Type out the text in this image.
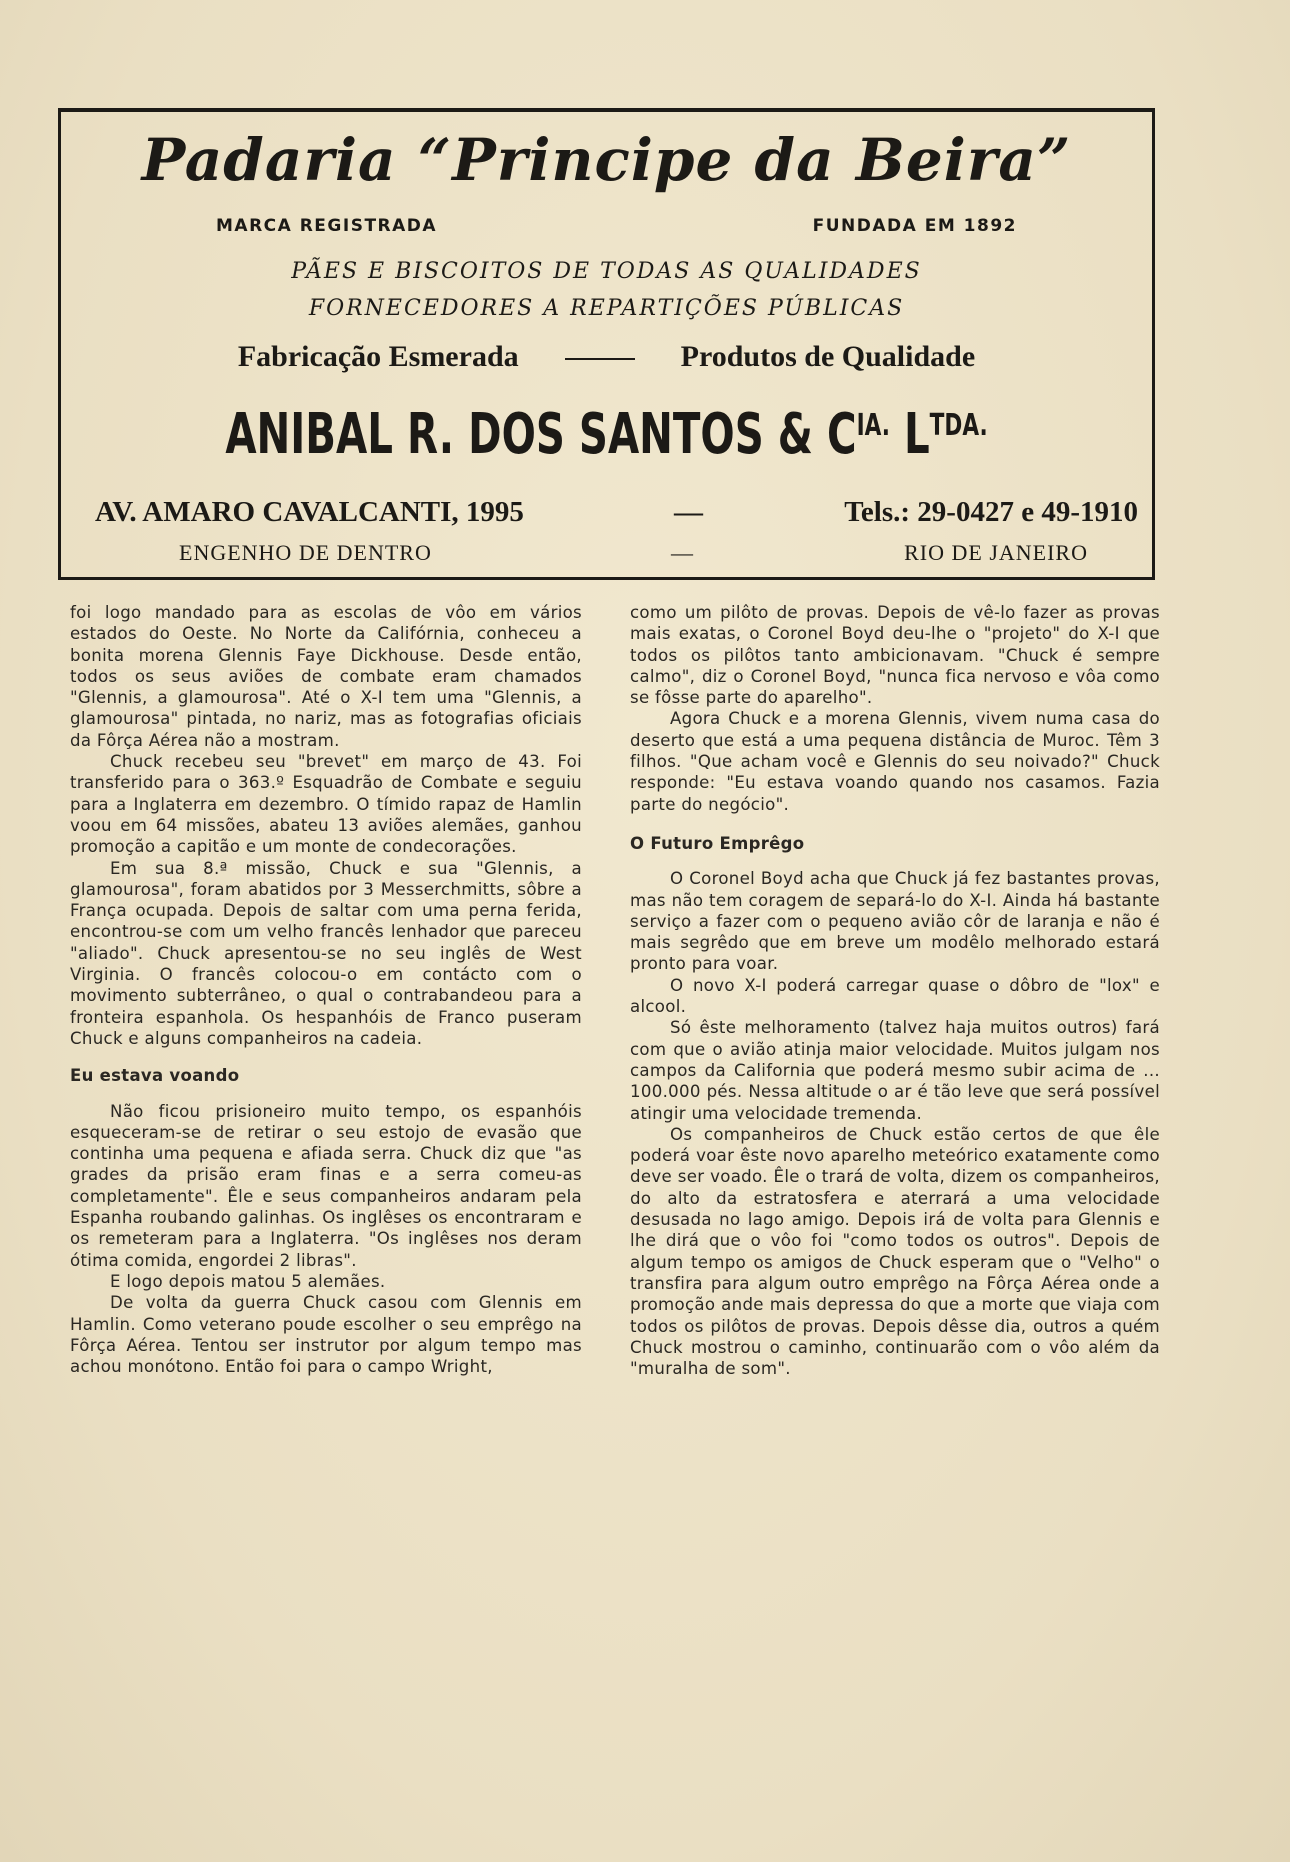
Padaria “Principe da Beira”
MARCA REGISTRADA	FUNDADA EM 1892
PÃES E BISCOITOS DE TODAS AS QUALIDADES
FORNECEDORES A REPARTIÇÕES PÚBLICAS
Fabricação Esmerada	Produtos de Qualidade
ANIBAL R. DOS SANTOS & $C^{IA.}$ $L^{TDA.}$
AV. AMARO CAVALCANTI, 1995	—	Tels.: 29-0427 e 49-1910
ENGENHO DE DENTRO	—	RIO DE JANEIRO

foi logo mandado para as escolas de vôo em vários estados do Oeste. No Norte da Califórnia, conheceu a bonita morena Glennis Faye Dickhouse. Desde então, todos os seus aviões de combate eram chamados "Glennis, a glamourosa". Até o X-I tem uma "Glennis, a glamourosa" pintada, no nariz, mas as fotografias oficiais da Fôrça Aérea não a mostram.

Chuck recebeu seu "brevet" em março de 43. Foi transferido para o 363.º Esquadrão de Combate e seguiu para a Inglaterra em dezembro. O tímido rapaz de Hamlin voou em 64 missões, abateu 13 aviões alemães, ganhou promoção a capitão e um monte de condecorações.

Em sua 8.ª missão, Chuck e sua "Glennis, a glamourosa", foram abatidos por 3 Messerchmitts, sôbre a França ocupada. Depois de saltar com uma perna ferida, encontrou-se com um velho francês lenhador que pareceu "aliado". Chuck apresentou-se no seu inglês de West Virginia. O francês colocou-o em contácto com o movimento subterrâneo, o qual o contrabandeou para a fronteira espanhola. Os hespanhóis de Franco puseram Chuck e alguns companheiros na cadeia.

Eu estava voando

Não ficou prisioneiro muito tempo, os espanhóis esqueceram-se de retirar o seu estojo de evasão que continha uma pequena e afiada serra. Chuck diz que "as grades da prisão eram finas e a serra comeu-as completamente". Êle e seus companheiros andaram pela Espanha roubando galinhas. Os inglêses os encontraram e os remeteram para a Inglaterra. "Os inglêses nos deram ótima comida, engordei 2 libras".

E logo depois matou 5 alemães.

De volta da guerra Chuck casou com Glennis em Hamlin. Como veterano poude escolher o seu emprêgo na Fôrça Aérea. Tentou ser instrutor por algum tempo mas achou monótono. Então foi para o campo Wright,

como um pilôto de provas. Depois de vê-lo fazer as provas mais exatas, o Coronel Boyd deu-lhe o "projeto" do X-I que todos os pilôtos tanto ambicionavam. "Chuck é sempre calmo", diz o Coronel Boyd, "nunca fica nervoso e vôa como se fôsse parte do aparelho".

Agora Chuck e a morena Glennis, vivem numa casa do deserto que está a uma pequena distância de Muroc. Têm 3 filhos. "Que acham você e Glennis do seu noivado?" Chuck responde: "Eu estava voando quando nos casamos. Fazia parte do negócio".

O Futuro Emprêgo

O Coronel Boyd acha que Chuck já fez bastantes provas, mas não tem coragem de separá-lo do X-I. Ainda há bastante serviço a fazer com o pequeno avião côr de laranja e não é mais segrêdo que em breve um modêlo melhorado estará pronto para voar.

O novo X-I poderá carregar quase o dôbro de "lox" e alcool.

Só êste melhoramento (talvez haja muitos outros) fará com que o avião atinja maior velocidade. Muitos julgam nos campos da California que poderá mesmo subir acima de ... 100.000 pés. Nessa altitude o ar é tão leve que será possível atingir uma velocidade tremenda.

Os companheiros de Chuck estão certos de que êle poderá voar êste novo aparelho meteórico exatamente como deve ser voado. Êle o trará de volta, dizem os companheiros, do alto da estratosfera e aterrará a uma velocidade desusada no lago amigo. Depois irá de volta para Glennis e lhe dirá que o vôo foi "como todos os outros". Depois de algum tempo os amigos de Chuck esperam que o "Velho" o transfira para algum outro emprêgo na Fôrça Aérea onde a promoção ande mais depressa do que a morte que viaja com todos os pilôtos de provas. Depois dêsse dia, outros a quém Chuck mostrou o caminho, continuarão com o vôo além da "muralha de som".
